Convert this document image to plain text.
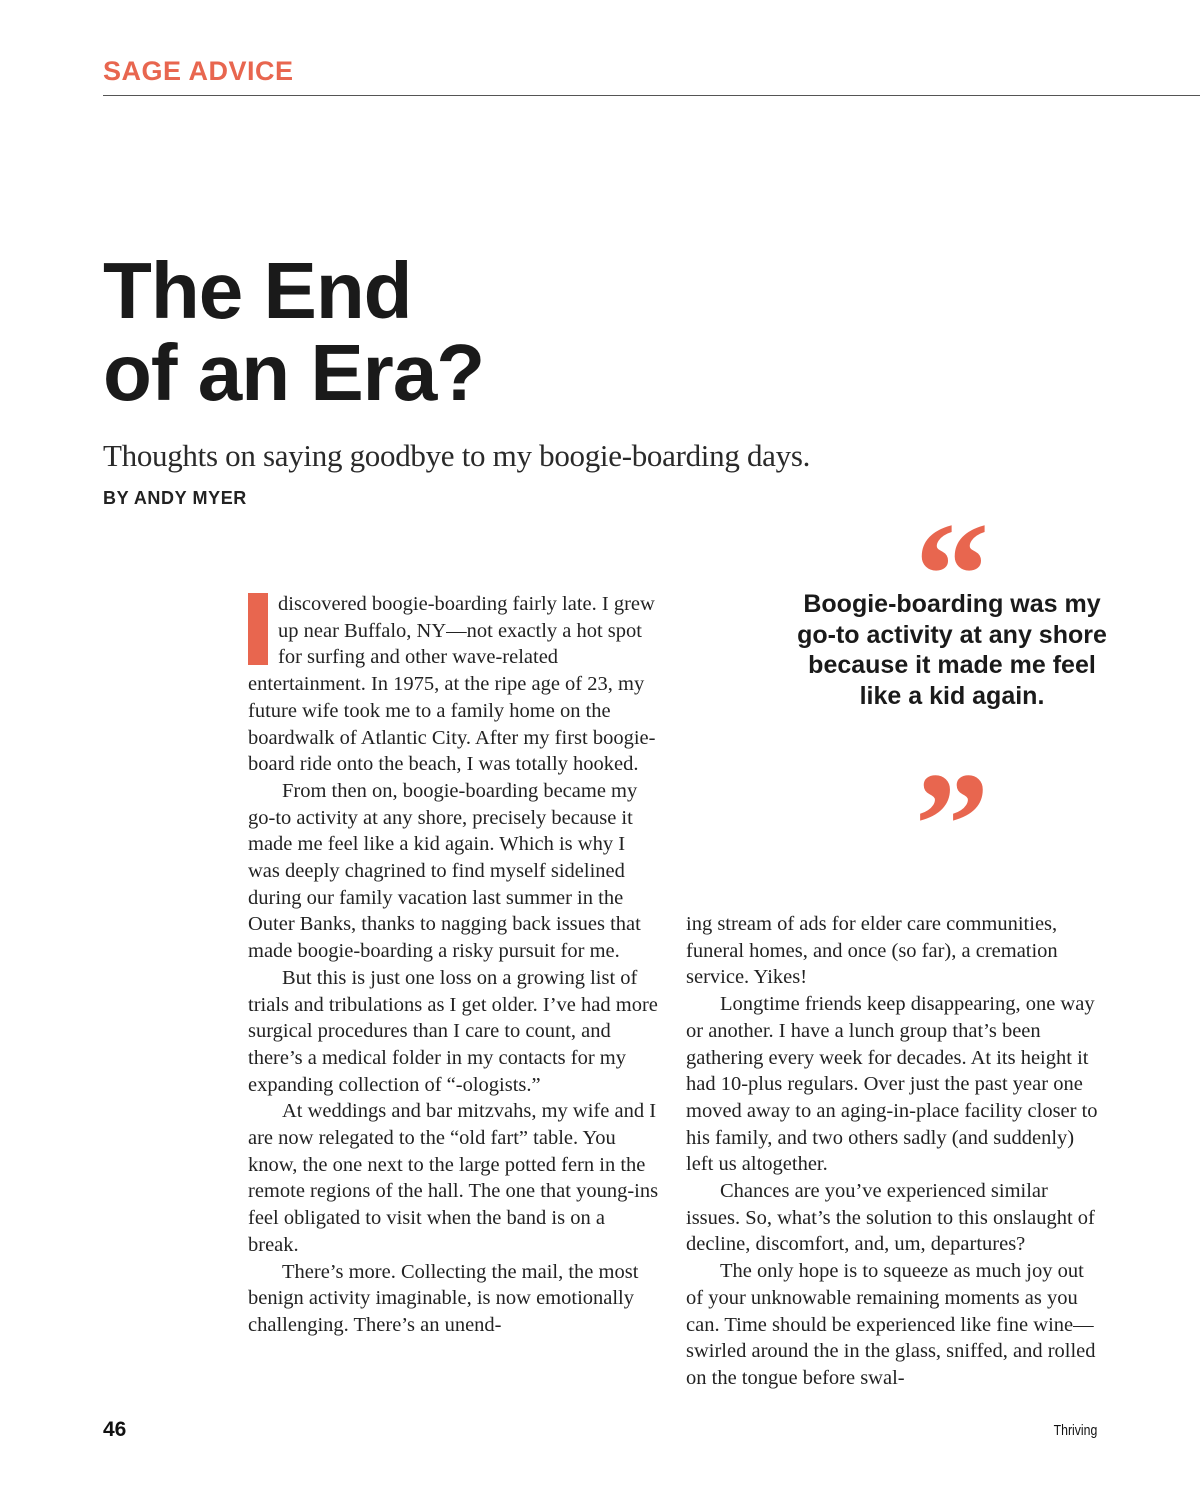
SAGE ADVICE
The End
of an Era?
Thoughts on saying goodbye to my boogie-boarding days.
BY ANDY MYER

discovered boogie-boarding fairly late. I grew up near Buffalo, NY—not exactly a hot spot for surfing and other wave-related entertainment. In 1975, at the ripe age of 23, my future wife took me to a family home on the boardwalk of Atlantic City. After my first boogie-board ride onto the beach, I was totally hooked.

From then on, boogie-boarding became my go-to activity at any shore, precisely because it made me feel like a kid again. Which is why I was deeply chagrined to find myself sidelined during our family vacation last summer in the Outer Banks, thanks to nagging back issues that made boogie-boarding a risky pursuit for me.

But this is just one loss on a growing list of trials and tribulations as I get older. I’ve had more surgical procedures than I care to count, and there’s a medical folder in my contacts for my expanding collection of “-ologists.”

At weddings and bar mitzvahs, my wife and I are now relegated to the “old fart” table. You know, the one next to the large potted fern in the remote regions of the hall. The one that young-ins feel obligated to visit when the band is on a break.

There’s more. Collecting the mail, the most benign activity imaginable, is now emotionally challenging. There’s an unend-

“
Boogie-boarding was my go-to activity at any shore because it made me feel like a kid again.
”

ing stream of ads for elder care communities, funeral homes, and once (so far), a cremation service. Yikes!

Longtime friends keep disappearing, one way or another. I have a lunch group that’s been gathering every week for decades. At its height it had 10-plus regulars. Over just the past year one moved away to an aging-in-place facility closer to his family, and two others sadly (and suddenly) left us altogether.

Chances are you’ve experienced similar issues. So, what’s the solution to this onslaught of decline, discomfort, and, um, departures?

The only hope is to squeeze as much joy out of your unknowable remaining moments as you can. Time should be experienced like fine wine—swirled around the in the glass, sniffed, and rolled on the tongue before swal-

46	Thriving
